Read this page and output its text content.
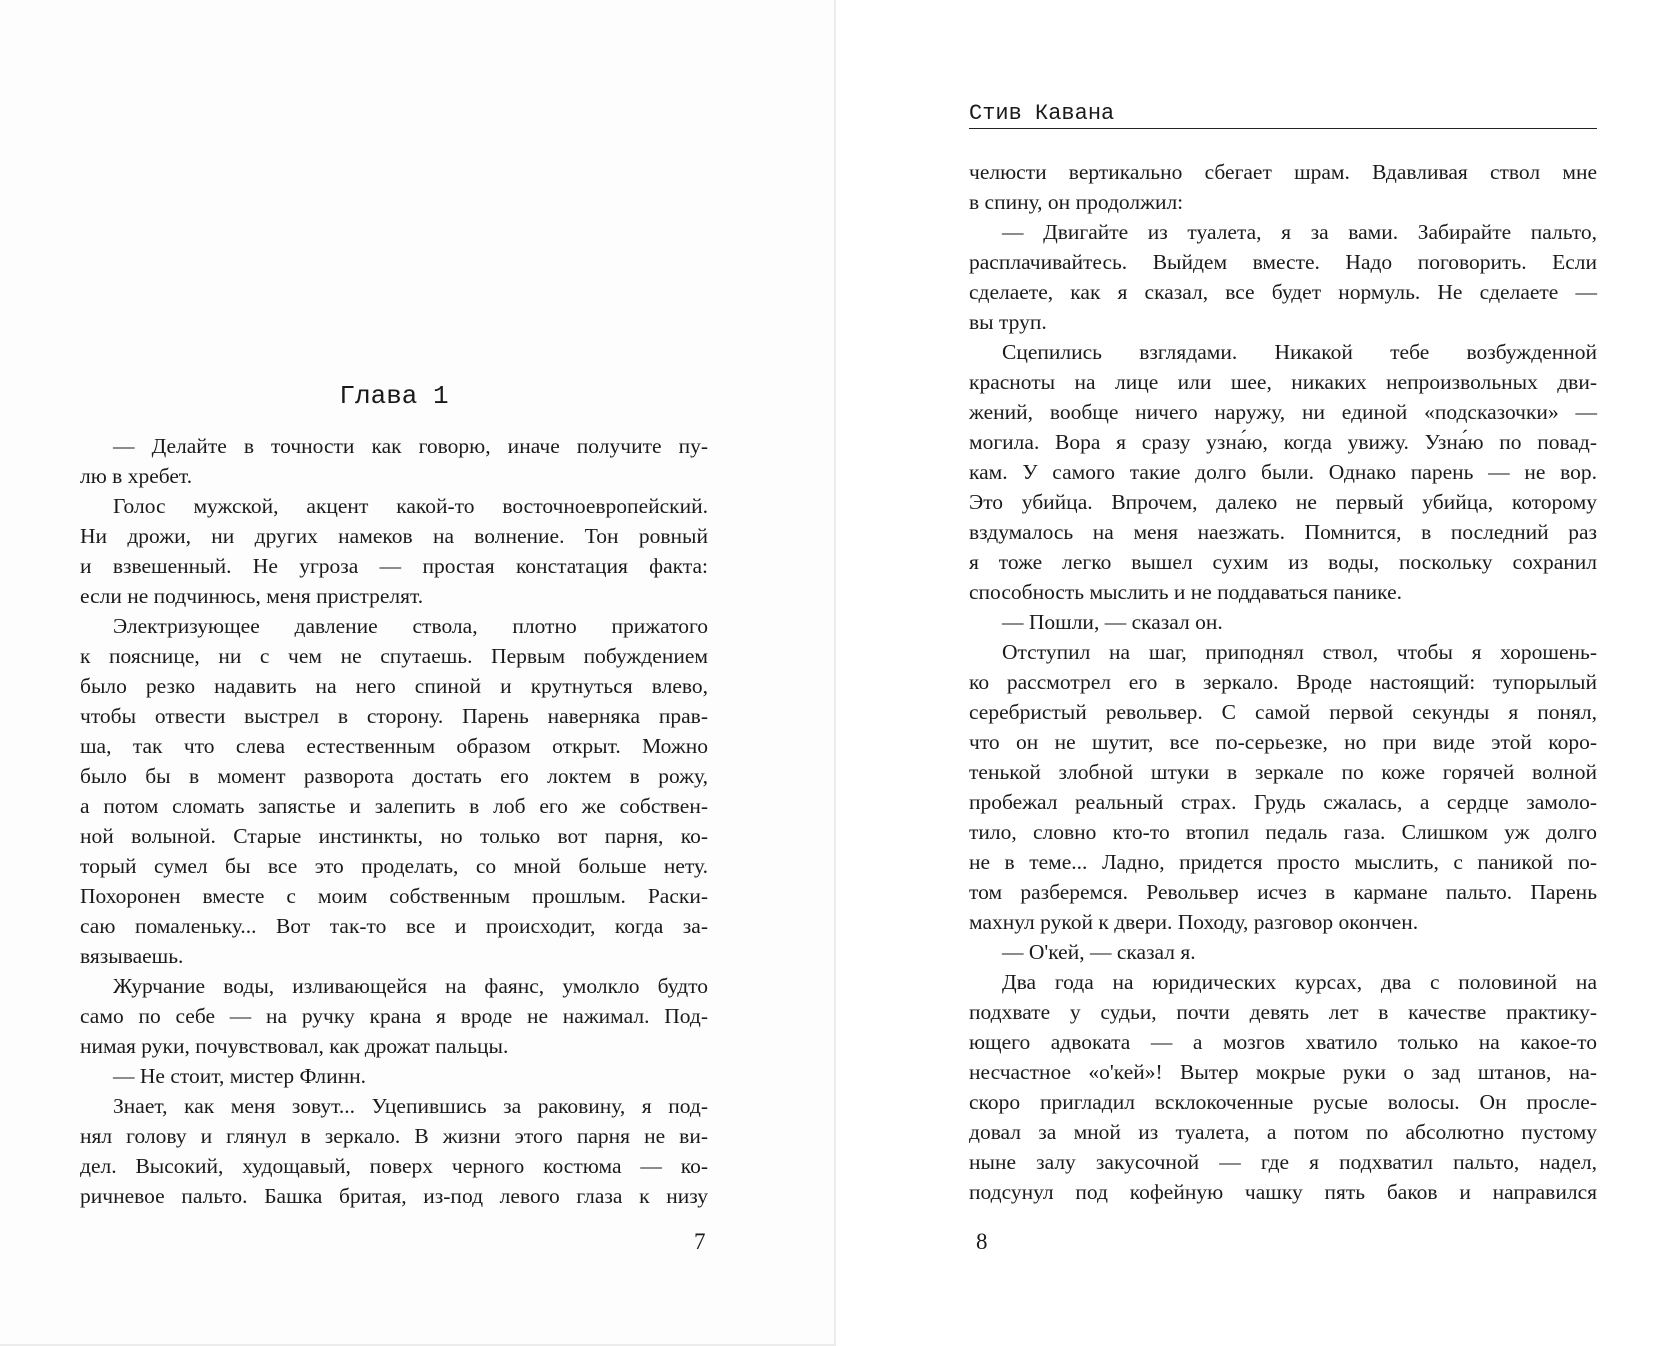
Глава 1
— Делайте в точности как говорю, иначе получите пу-
лю в хребет.
Голос мужской, акцент какой-то восточноевропейский.
Ни дрожи, ни других намеков на волнение. Тон ровный
и взвешенный. Не угроза — простая констатация факта:
если не подчинюсь, меня пристрелят.
Электризующее давление ствола, плотно прижатого
к пояснице, ни с чем не спутаешь. Первым побуждением
было резко надавить на него спиной и крутнуться влево,
чтобы отвести выстрел в сторону. Парень наверняка прав-
ша, так что слева естественным образом открыт. Можно
было бы в момент разворота достать его локтем в рожу,
а потом сломать запястье и залепить в лоб его же собствен-
ной волыной. Старые инстинкты, но только вот парня, ко-
торый сумел бы все это проделать, со мной больше нету.
Похоронен вместе с моим собственным прошлым. Раски-
саю помаленьку... Вот так-то все и происходит, когда за-
вязываешь.
Журчание воды, изливающейся на фаянс, умолкло будто
само по себе — на ручку крана я вроде не нажимал. Под-
нимая руки, почувствовал, как дрожат пальцы.
— Не стоит, мистер Флинн.
Знает, как меня зовут... Уцепившись за раковину, я под-
нял голову и глянул в зеркало. В жизни этого парня не ви-
дел. Высокий, худощавый, поверх черного костюма — ко-
ричневое пальто. Башка бритая, из-под левого глаза к низу
7
Стив Кавана
челюсти вертикально сбегает шрам. Вдавливая ствол мне
в спину, он продолжил:
— Двигайте из туалета, я за вами. Забирайте пальто,
расплачивайтесь. Выйдем вместе. Надо поговорить. Если
сделаете, как я сказал, все будет нормуль. Не сделаете —
вы труп.
Сцепились взглядами. Никакой тебе возбужденной
красноты на лице или шее, никаких непроизвольных дви-
жений, вообще ничего наружу, ни единой «подсказочки» —
могила. Вора я сразу узна́ю, когда увижу. Узна́ю по повад-
кам. У самого такие долго были. Однако парень — не вор.
Это убийца. Впрочем, далеко не первый убийца, которому
вздумалось на меня наезжать. Помнится, в последний раз
я тоже легко вышел сухим из воды, поскольку сохранил
способность мыслить и не поддаваться панике.
— Пошли, — сказал он.
Отступил на шаг, приподнял ствол, чтобы я хорошень-
ко рассмотрел его в зеркало. Вроде настоящий: тупорылый
серебристый револьвер. С самой первой секунды я понял,
что он не шутит, все по-серьезке, но при виде этой коро-
тенькой злобной штуки в зеркале по коже горячей волной
пробежал реальный страх. Грудь сжалась, а сердце замоло-
тило, словно кто-то втопил педаль газа. Слишком уж долго
не в теме... Ладно, придется просто мыслить, с паникой по-
том разберемся. Револьвер исчез в кармане пальто. Парень
махнул рукой к двери. Походу, разговор окончен.
— О'кей, — сказал я.
Два года на юридических курсах, два с половиной на
подхвате у судьи, почти девять лет в качестве практику-
ющего адвоката — а мозгов хватило только на какое-то
несчастное «о'кей»! Вытер мокрые руки о зад штанов, на-
скоро пригладил всклокоченные русые волосы. Он просле-
довал за мной из туалета, а потом по абсолютно пустому
ныне залу закусочной — где я подхватил пальто, надел,
подсунул под кофейную чашку пять баков и направился
8
